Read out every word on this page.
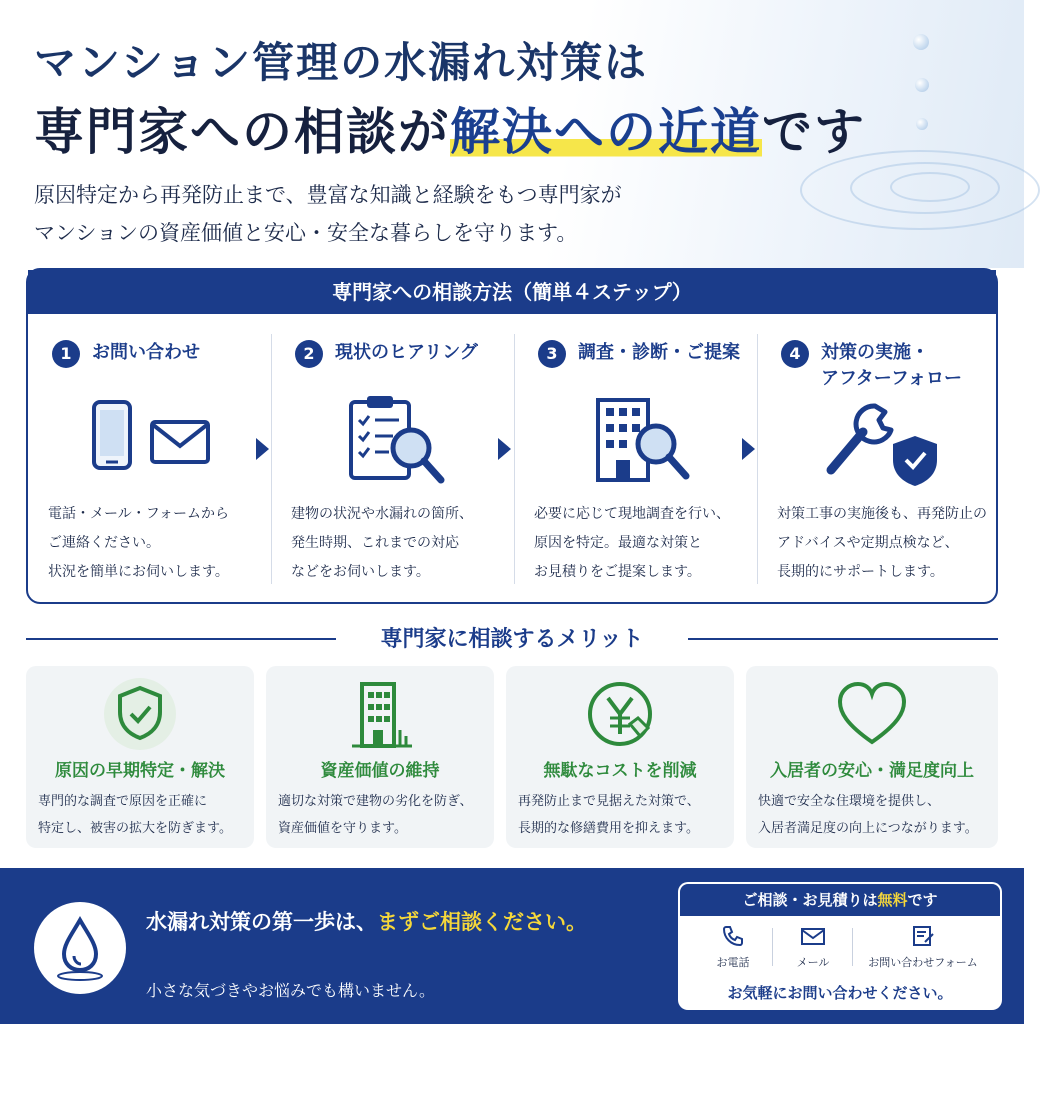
マンション管理の水漏れ対策は
専門家への相談が解決への近道です
原因特定から再発防止まで、豊富な知識と経験をもつ専門家が
マンションの資産価値と安心・安全な暮らしを守ります。
専門家への相談方法（簡単４ステップ）
1	お問い合わせ
電話・メール・フォームから
ご連絡ください。
状況を簡単にお伺いします。
2	現状のヒアリング
建物の状況や水漏れの箇所、
発生時期、これまでの対応
などをお伺いします。
3	調査・診断・ご提案
必要に応じて現地調査を行い、
原因を特定。最適な対策と
お見積りをご提案します。
4	対策の実施・
アフターフォロー
対策工事の実施後も、再発防止の
アドバイスや定期点検など、
長期的にサポートします。
専門家に相談するメリット
原因の早期特定・解決
専門的な調査で原因を正確に
特定し、被害の拡大を防ぎます。
資産価値の維持
適切な対策で建物の劣化を防ぎ、
資産価値を守ります。
無駄なコストを削減
再発防止まで見据えた対策で、
長期的な修繕費用を抑えます。
入居者の安心・満足度向上
快適で安全な住環境を提供し、
入居者満足度の向上につながります。
水漏れ対策の第一歩は、まずご相談ください。

小さな気づきやお悩みでも構いません。

専門家が誠実に対応し、最適な解決策をご提案します。

ご相談・お見積りは無料です
お電話	メール	お問い合わせフォーム
お気軽にお問い合わせください。
